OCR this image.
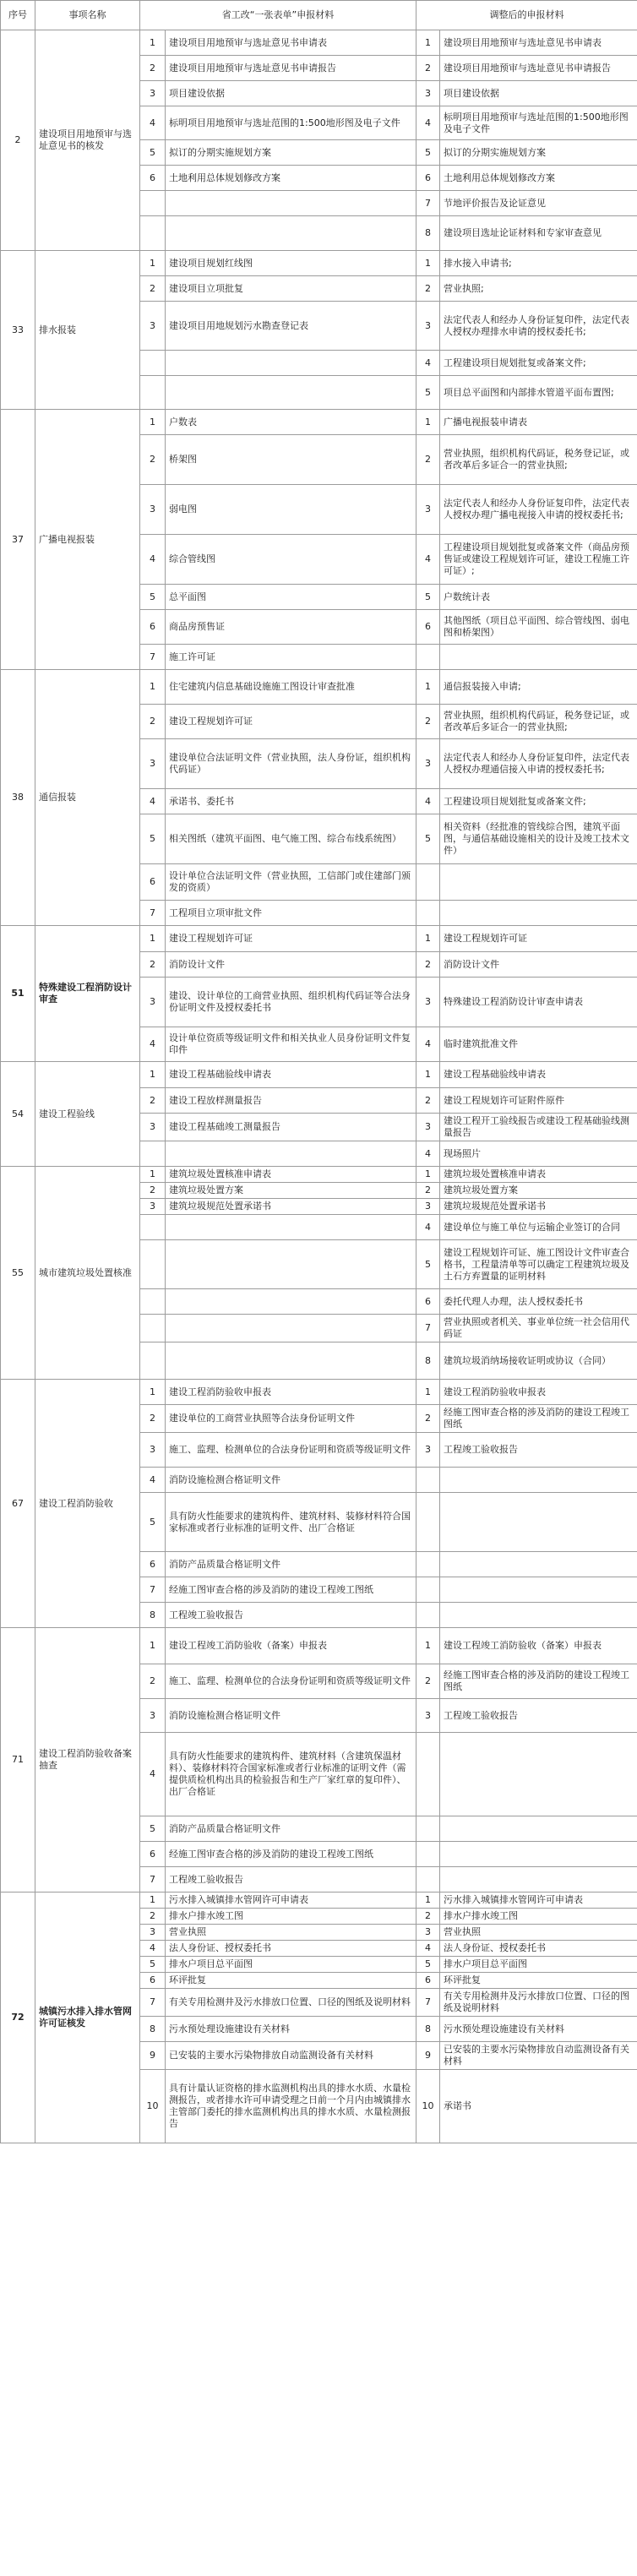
序号	事项名称	省工改“一张表单”申报材料		调整后的申报材料	
2	建设项目用地预审与选址意见书的核发	1	建设项目用地预审与选址意见书申请表	1	建设项目用地预审与选址意见书申请表
		2	建设项目用地预审与选址意见书申请报告	2	建设项目用地预审与选址意见书申请报告
		3	项目建设依据	3	项目建设依据
		4	标明项目用地预审与选址范围的1:500地形图及电子文件	4	标明项目用地预审与选址范围的1:500地形图及电子文件
		5	拟订的分期实施规划方案	5	拟订的分期实施规划方案
		6	土地利用总体规划修改方案	6	土地利用总体规划修改方案
				7	节地评价报告及论证意见
				8	建设项目选址论证材料和专家审查意见
33	排水报装	1	建设项目规划红线图	1	排水接入申请书;
		2	建设项目立项批复	2	营业执照;
		3	建设项目用地规划污水勘查登记表	3	法定代表人和经办人身份证复印件，法定代表人授权办理排水申请的授权委托书;
				4	工程建设项目规划批复或备案文件;
				5	项目总平面图和内部排水管道平面布置图;
37	广播电视报装	1	户数表	1	广播电视报装申请表
		2	桥架图	2	营业执照，组织机构代码证，税务登记证，或者改革后多证合一的营业执照;
		3	弱电图	3	法定代表人和经办人身份证复印件，法定代表人授权办理广播电视接入申请的授权委托书;
		4	综合管线图	4	工程建设项目规划批复或备案文件（商品房预售证或建设工程规划许可证，建设工程施工许可证）;
		5	总平面图	5	户数统计表
		6	商品房预售证	6	其他图纸（项目总平面图、综合管线图、弱电图和桥架图）
		7	施工许可证		
38	通信报装	1	住宅建筑内信息基础设施施工图设计审查批准	1	通信报装接入申请;
		2	建设工程规划许可证	2	营业执照，组织机构代码证，税务登记证，或者改革后多证合一的营业执照;
		3	建设单位合法证明文件（营业执照，法人身份证，组织机构代码证）	3	法定代表人和经办人身份证复印件，法定代表人授权办理通信接入申请的授权委托书;
		4	承诺书、委托书	4	工程建设项目规划批复或备案文件;
		5	相关图纸（建筑平面图、电气施工图、综合布线系统图）	5	相关资料（经批准的管线综合图，建筑平面图，与通信基础设施相关的设计及竣工技术文件）
		6	设计单位合法证明文件（营业执照，工信部门或住建部门颁发的资质）		
		7	工程项目立项审批文件		
51	特殊建设工程消防设计审查	1	建设工程规划许可证	1	建设工程规划许可证
		2	消防设计文件	2	消防设计文件
		3	建设、设计单位的工商营业执照、组织机构代码证等合法身份证明文件及授权委托书	3	特殊建设工程消防设计审查申请表
		4	设计单位资质等级证明文件和相关执业人员身份证明文件复印件	4	临时建筑批准文件
54	建设工程验线	1	建设工程基础验线申请表	1	建设工程基础验线申请表
		2	建设工程放样测量报告	2	建设工程规划许可证附件原件
		3	建设工程基础竣工测量报告	3	建设工程开工验线报告或建设工程基础验线测量报告
				4	现场照片
55	城市建筑垃圾处置核准	1	建筑垃圾处置核准申请表	1	建筑垃圾处置核准申请表
		2	建筑垃圾处置方案	2	建筑垃圾处置方案
		3	建筑垃圾规范处置承诺书	3	建筑垃圾规范处置承诺书
				4	建设单位与施工单位与运输企业签订的合同
				5	建设工程规划许可证、施工图设计文件审查合格书，工程量清单等可以确定工程建筑垃圾及土石方弃置量的证明材料
				6	委托代理人办理，法人授权委托书
				7	营业执照或者机关、事业单位统一社会信用代码证
				8	建筑垃圾消纳场接收证明或协议（合同）
67	建设工程消防验收	1	建设工程消防验收申报表	1	建设工程消防验收申报表
		2	建设单位的工商营业执照等合法身份证明文件	2	经施工图审查合格的涉及消防的建设工程竣工图纸
		3	施工、监理、检测单位的合法身份证明和资质等级证明文件	3	工程竣工验收报告
		4	消防设施检测合格证明文件		
		5	具有防火性能要求的建筑构件、建筑材料、装修材料符合国家标准或者行业标准的证明文件、出厂合格证		
		6	消防产品质量合格证明文件		
		7	经施工图审查合格的涉及消防的建设工程竣工图纸		
		8	工程竣工验收报告		
71	建设工程消防验收备案抽查	1	建设工程竣工消防验收（备案）申报表	1	建设工程竣工消防验收（备案）申报表
		2	施工、监理、检测单位的合法身份证明和资质等级证明文件	2	经施工图审查合格的涉及消防的建设工程竣工图纸
		3	消防设施检测合格证明文件	3	工程竣工验收报告
		4	具有防火性能要求的建筑构件、建筑材料（含建筑保温材料）、装修材料符合国家标准或者行业标准的证明文件（需提供质检机构出具的检验报告和生产厂家红章的复印件）、出厂合格证		
		5	消防产品质量合格证明文件		
		6	经施工图审查合格的涉及消防的建设工程竣工图纸		
		7	工程竣工验收报告		
72	城镇污水排入排水管网许可证核发	1	污水排入城镇排水管网许可申请表	1	污水排入城镇排水管网许可申请表
		2	排水户排水竣工图	2	排水户排水竣工图
		3	营业执照	3	营业执照
		4	法人身份证、授权委托书	4	法人身份证、授权委托书
		5	排水户项目总平面图	5	排水户项目总平面图
		6	环评批复	6	环评批复
		7	有关专用检测井及污水排放口位置、口径的图纸及说明材料	7	有关专用检测井及污水排放口位置、口径的图纸及说明材料
		8	污水预处理设施建设有关材料	8	污水预处理设施建设有关材料
		9	已安装的主要水污染物排放自动监测设备有关材料	9	已安装的主要水污染物排放自动监测设备有关材料
		10	具有计量认证资格的排水监测机构出具的排水水质、水量检测报告，或者排水许可申请受理之日前一个月内由城镇排水主管部门委托的排水监测机构出具的排水水质、水量检测报告	10	承诺书
